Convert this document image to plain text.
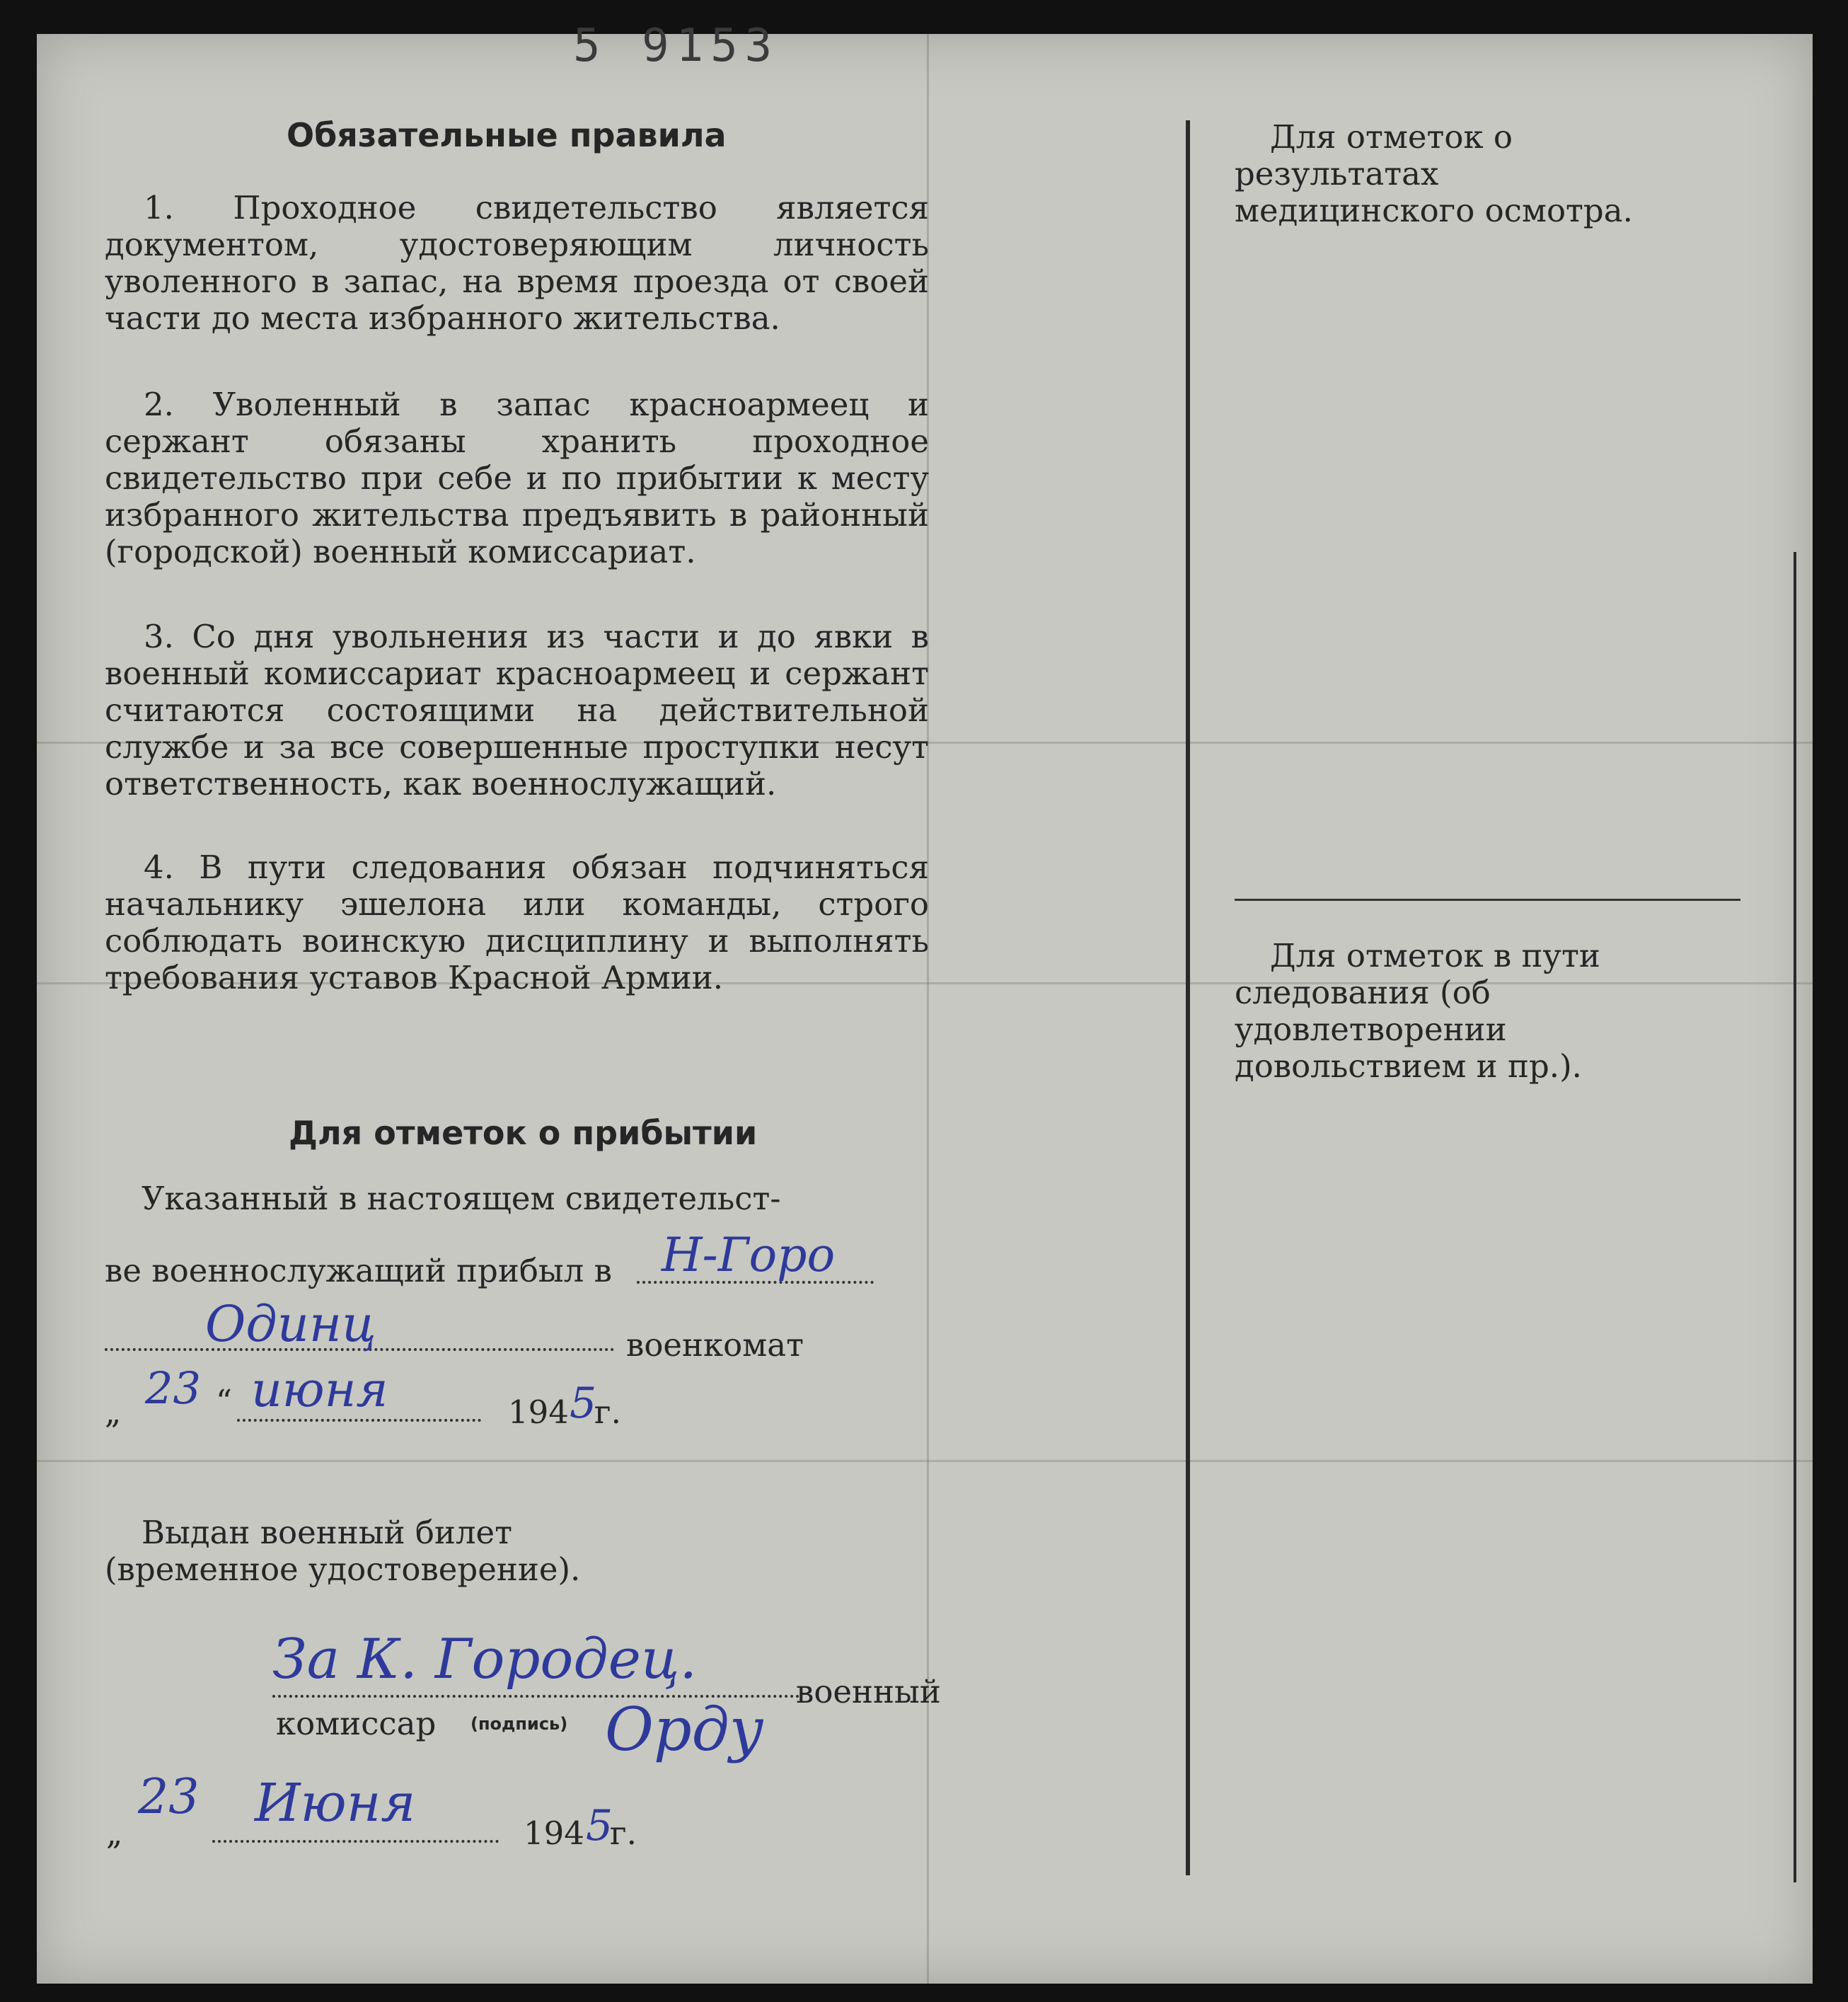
5 9153
Обязательные правила
1. Проходное свидетельство является документом, удостоверяющим личность уволенного в запас, на время проезда от своей части до места избранного жительства.
2. Уволенный в запас красноармеец и сержант обязаны хранить проходное свидетельство при себе и по прибытии к месту избранного жительства предъявить в районный (городской) военный комиссариат.
3. Со дня увольнения из части и до явки в военный комиссариат красноармеец и сержант считаются состоящими на действительной службе и за все совершенные проступки несут ответственность, как военнослужащий.
4. В пути следования обязан подчиняться начальнику эшелона или команды, строго соблюдать воинскую дисциплину и выполнять требования уставов Красной Армии.
Для отметок о прибытии
Указанный в настоящем свидетельст-
ве военнослужащий прибыл в Н-Горо
Одинц	военкомат
„ 23 “ июня	194 5
г.
Выдан военный билет
(временное удостоверение).
За К. Городец.
военный
комиссар (подпись) Орду
„
23 Июня	194 5
г.
Для отметок о результатах медицинского осмотра.
Для отметок в пути следования (об удовлетворении довольствием и пр.).
